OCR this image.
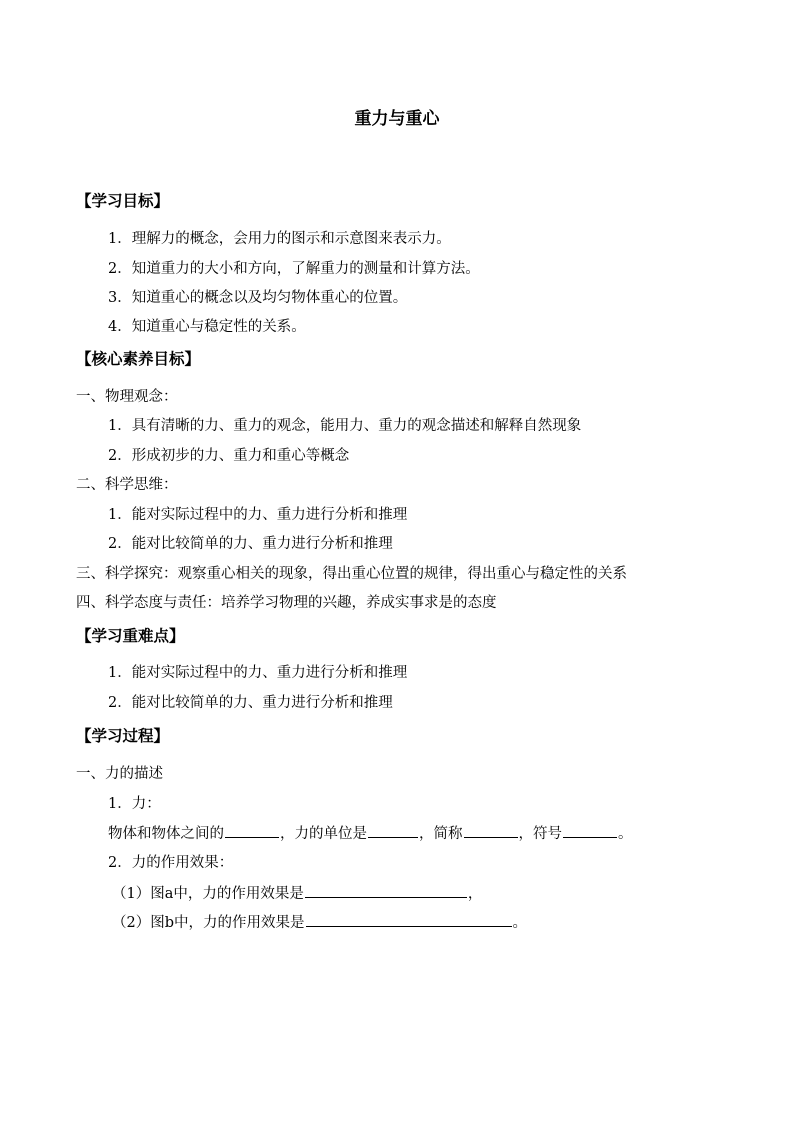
重力与重心
【学习目标】
1．理解力的概念，会用力的图示和示意图来表示力。
2．知道重力的大小和方向，了解重力的测量和计算方法。
3．知道重心的概念以及均匀物体重心的位置。
4．知道重心与稳定性的关系。
【核心素养目标】
一、物理观念：
1．具有清晰的力、重力的观念，能用力、重力的观念描述和解释自然现象
2．形成初步的力、重力和重心等概念
二、科学思维：
1．能对实际过程中的力、重力进行分析和推理
2．能对比较简单的力、重力进行分析和推理
三、科学探究：观察重心相关的现象，得出重心位置的规律，得出重心与稳定性的关系
四、科学态度与责任：培养学习物理的兴趣，养成实事求是的态度
【学习重难点】
1．能对实际过程中的力、重力进行分析和推理
2．能对比较简单的力、重力进行分析和推理
【学习过程】
一、力的描述
1．力：
物体和物体之间的	，力的单位是	，简称	，符号	。
2．力的作用效果：
（1）图a中，力的作用效果是	，
（2）图b中，力的作用效果是	。
